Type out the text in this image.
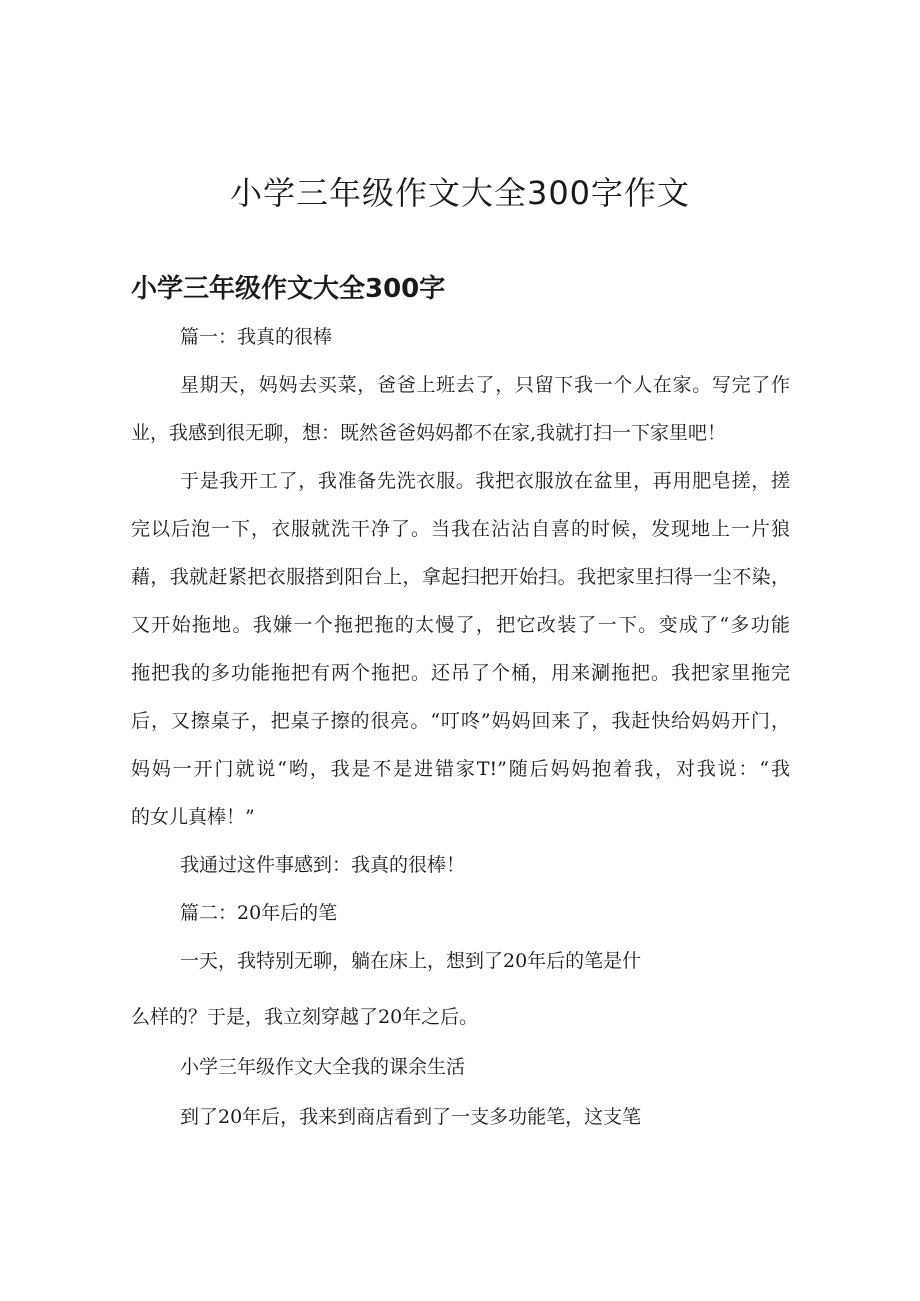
小学三年级作文大全300字作文
小学三年级作文大全300字

篇一：我真的很棒

星期天，妈妈去买菜，爸爸上班去了，只留下我一个人在家。写完了作

业，我感到很无聊，想：既然爸爸妈妈都不在家,我就打扫一下家里吧！

于是我开工了，我准备先洗衣服。我把衣服放在盆里，再用肥皂搓，搓

完以后泡一下，衣服就洗干净了。当我在沾沾自喜的时候，发现地上一片狼

藉，我就赶紧把衣服搭到阳台上，拿起扫把开始扫。我把家里扫得一尘不染，

又开始拖地。我嫌一个拖把拖的太慢了，把它改装了一下。变成了“多功能

拖把我的多功能拖把有两个拖把。还吊了个桶，用来涮拖把。我把家里拖完

后，又擦桌子，把桌子擦的很亮。“叮咚”妈妈回来了，我赶快给妈妈开门，

妈妈一开门就说“哟，我是不是进错家T!”随后妈妈抱着我，对我说：“我

的女儿真棒！”

我通过这件事感到：我真的很棒！

篇二：20年后的笔

一天，我特别无聊，躺在床上，想到了20年后的笔是什

么样的？于是，我立刻穿越了20年之后。

小学三年级作文大全我的课余生活

到了20年后，我来到商店看到了一支多功能笔，这支笔
